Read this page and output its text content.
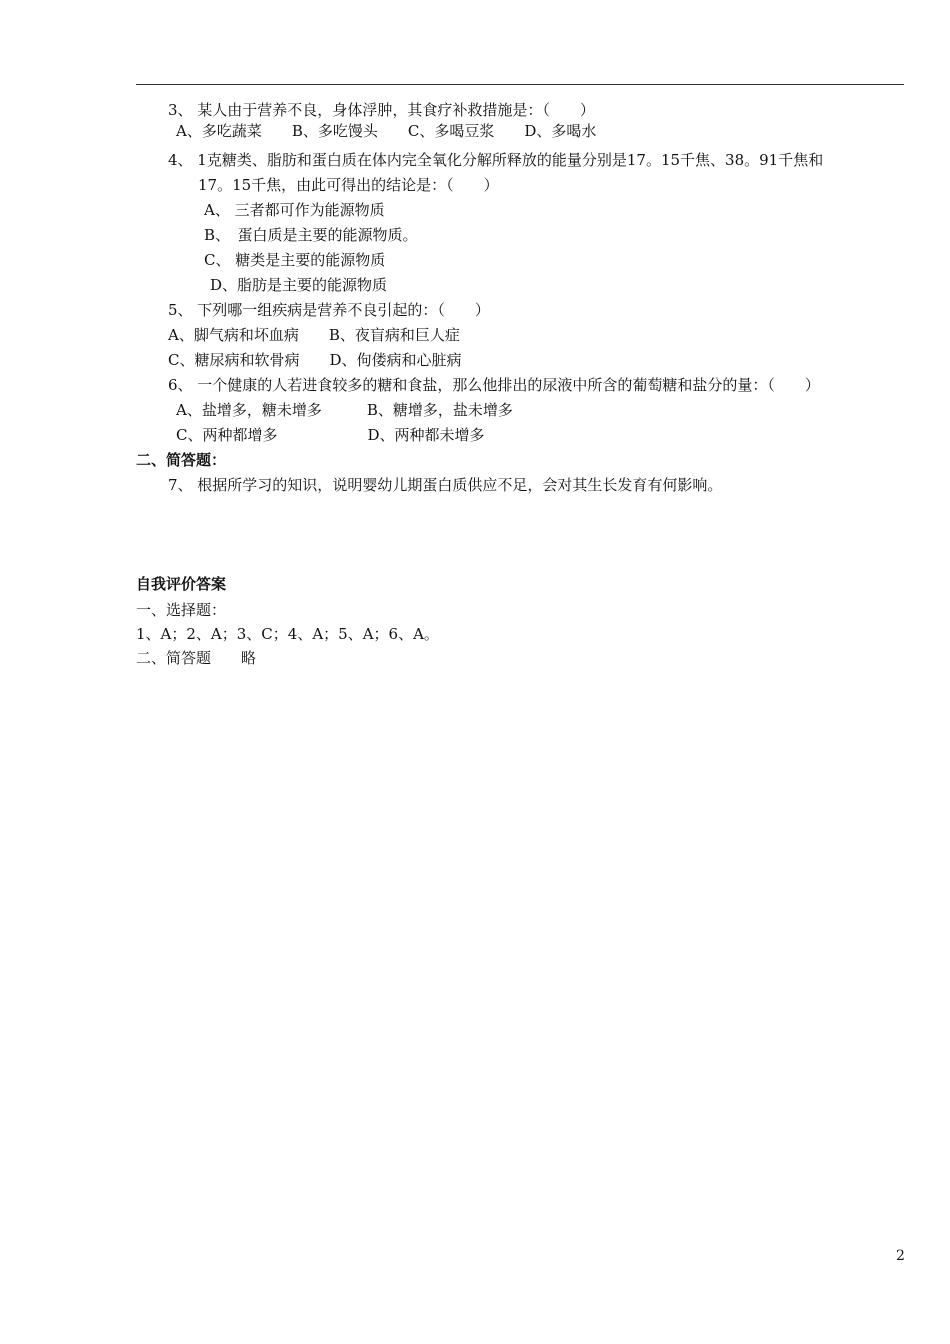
3、 某人由于营养不良，身体浮肿，其食疗补救措施是：（　　）
A、多吃蔬菜　　B、多吃馒头　　C、多喝豆浆　　D、多喝水
4、 1克糖类、脂肪和蛋白质在体内完全氧化分解所释放的能量分别是17。15千焦、38。91千焦和
17。15千焦，由此可得出的结论是：（　　）
A、 三者都可作为能源物质
B、　蛋白质是主要的能源物质。
C、 糖类是主要的能源物质
D、脂肪是主要的能源物质
5、 下列哪一组疾病是营养不良引起的：（　　）
A、脚气病和坏血病　　B、夜盲病和巨人症
C、糖尿病和软骨病　　D、佝偻病和心脏病
6、 一个健康的人若进食较多的糖和食盐，那么他排出的尿液中所含的葡萄糖和盐分的量：（　　）
A、盐增多，糖未增多　　　B、糖增多，盐未增多
C、两种都增多　　　　　　D、两种都未增多
二、简答题：
7、 根据所学习的知识，说明婴幼儿期蛋白质供应不足，会对其生长发育有何影响。
自我评价答案
一、选择题：
1、A；2、A；3、C；4、A；5、A；6、A。
二、简答题　　略
2
